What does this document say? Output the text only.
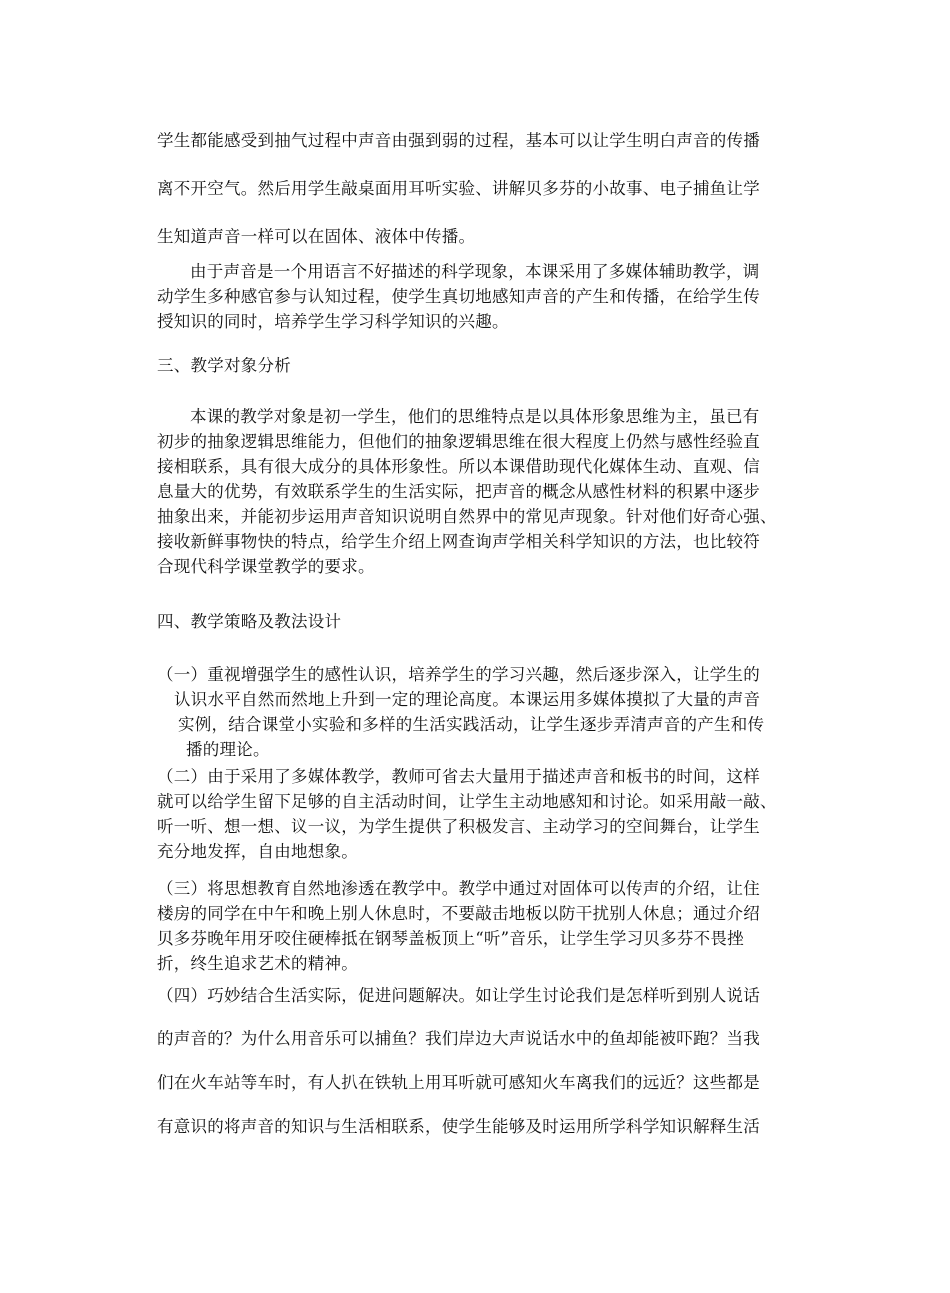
学生都能感受到抽气过程中声音由强到弱的过程，基本可以让学生明白声音的传播
离不开空气。然后用学生敲桌面用耳听实验、讲解贝多芬的小故事、电子捕鱼让学
生知道声音一样可以在固体、液体中传播。
由于声音是一个用语言不好描述的科学现象，本课采用了多媒体辅助教学，调
动学生多种感官参与认知过程，使学生真切地感知声音的产生和传播，在给学生传
授知识的同时，培养学生学习科学知识的兴趣。
三、教学对象分析
本课的教学对象是初一学生，他们的思维特点是以具体形象思维为主，虽已有
初步的抽象逻辑思维能力，但他们的抽象逻辑思维在很大程度上仍然与感性经验直
接相联系，具有很大成分的具体形象性。所以本课借助现代化媒体生动、直观、信
息量大的优势，有效联系学生的生活实际，把声音的概念从感性材料的积累中逐步
抽象出来，并能初步运用声音知识说明自然界中的常见声现象。针对他们好奇心强、
接收新鲜事物快的特点，给学生介绍上网查询声学相关科学知识的方法，也比较符
合现代科学课堂教学的要求。
四、教学策略及教法设计
（一）重视增强学生的感性认识，培养学生的学习兴趣，然后逐步深入，让学生的
认识水平自然而然地上升到一定的理论高度。本课运用多媒体摸拟了大量的声音
实例，结合课堂小实验和多样的生活实践活动，让学生逐步弄清声音的产生和传
播的理论。
（二）由于采用了多媒体教学，教师可省去大量用于描述声音和板书的时间，这样
就可以给学生留下足够的自主活动时间，让学生主动地感知和讨论。如采用敲一敲、
听一听、想一想、议一议，为学生提供了积极发言、主动学习的空间舞台，让学生
充分地发挥，自由地想象。
（三）将思想教育自然地渗透在教学中。教学中通过对固体可以传声的介绍，让住
楼房的同学在中午和晚上别人休息时，不要敲击地板以防干扰别人休息；通过介绍
贝多芬晚年用牙咬住硬棒抵在钢琴盖板顶上“听”音乐，让学生学习贝多芬不畏挫
折，终生追求艺术的精神。
（四）巧妙结合生活实际，促进问题解决。如让学生讨论我们是怎样听到别人说话
的声音的？为什么用音乐可以捕鱼？我们岸边大声说话水中的鱼却能被吓跑？当我
们在火车站等车时，有人扒在铁轨上用耳听就可感知火车离我们的远近？这些都是
有意识的将声音的知识与生活相联系，使学生能够及时运用所学科学知识解释生活
